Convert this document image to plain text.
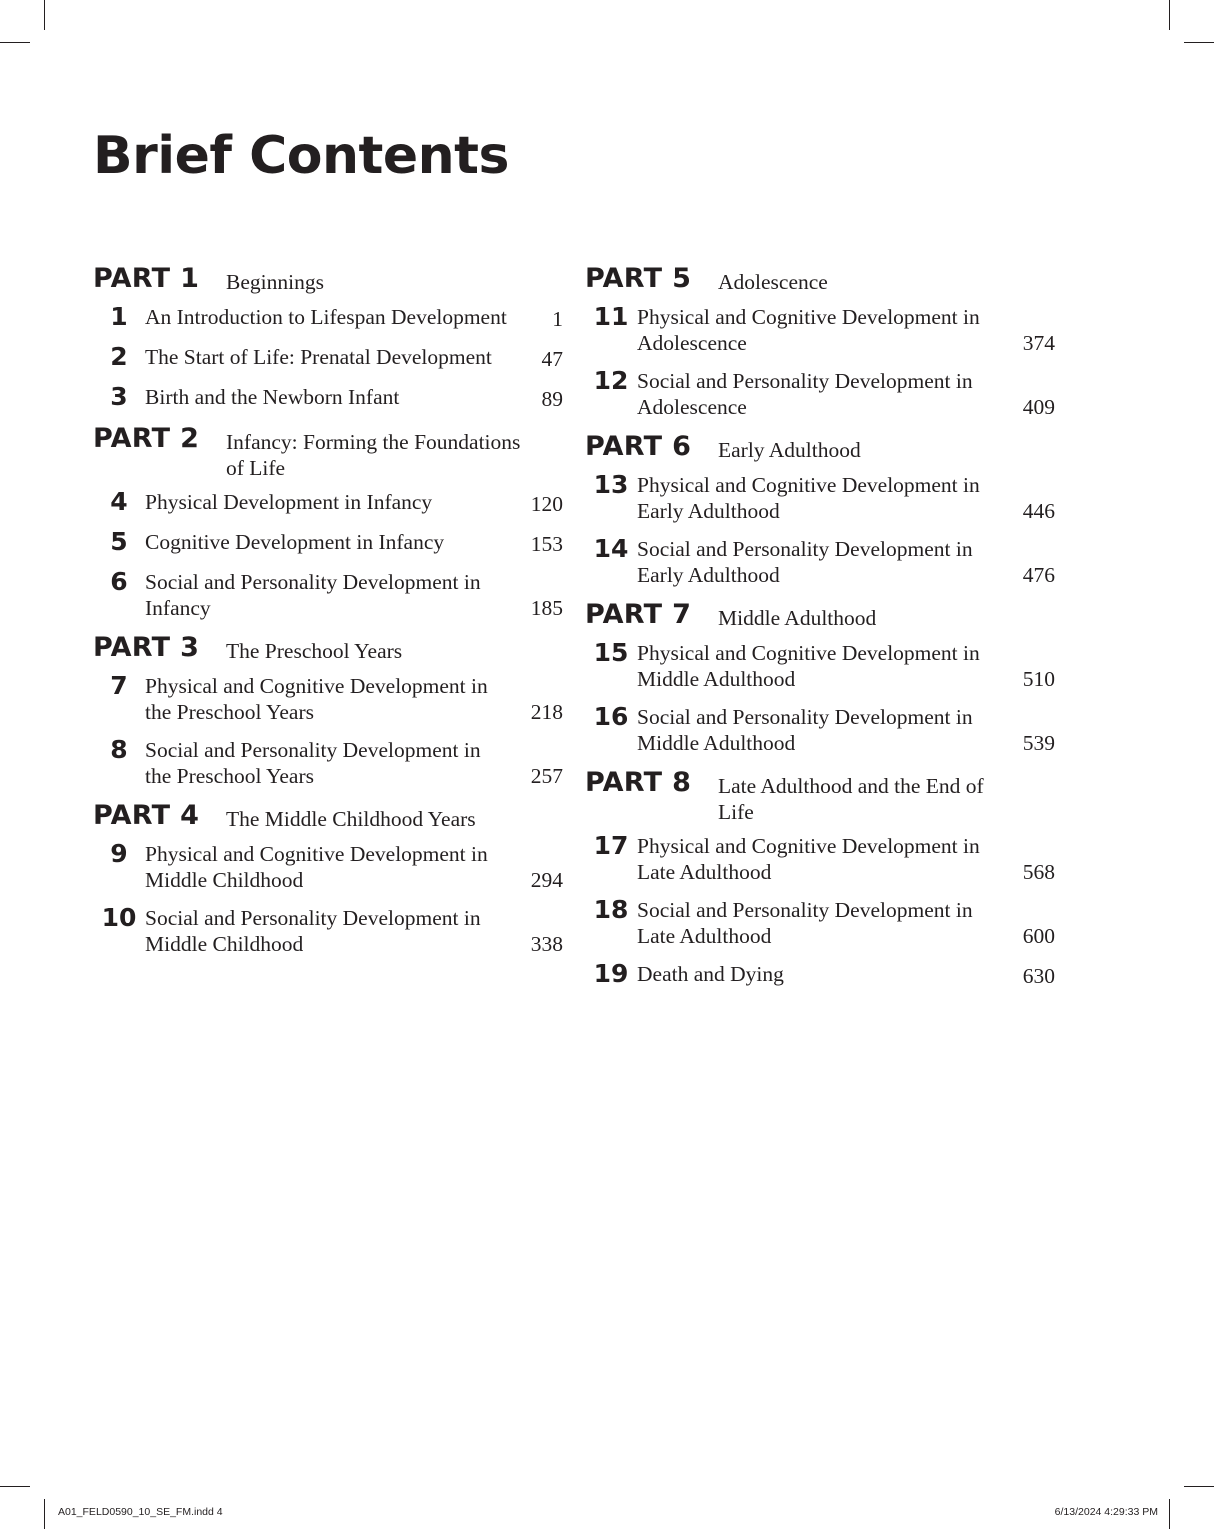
Brief Contents
PART 1	Beginnings
1 An Introduction to Lifespan Development	1
2 The Start of Life: Prenatal Development	47
3 Birth and the Newborn Infant	89
PART 2	Infancy: Forming the Foundations of Life
4 Physical Development in Infancy	120
5 Cognitive Development in Infancy	153
6 Social and Personality Development in Infancy	185
PART 3	The Preschool Years
7 Physical and Cognitive Development in the Preschool Years	218
8 Social and Personality Development in the Preschool Years	257
PART 4	The Middle Childhood Years
9 Physical and Cognitive Development in Middle Childhood	294
10 Social and Personality Development in Middle Childhood	338
PART 5	Adolescence
11 Physical and Cognitive Development in Adolescence	374
12 Social and Personality Development in Adolescence	409
PART 6	Early Adulthood
13 Physical and Cognitive Development in Early Adulthood	446
14 Social and Personality Development in Early Adulthood	476
PART 7	Middle Adulthood
15 Physical and Cognitive Development in Middle Adulthood	510
16 Social and Personality Development in Middle Adulthood	539
PART 8	Late Adulthood and the End of Life
17 Physical and Cognitive Development in Late Adulthood	568
18 Social and Personality Development in Late Adulthood	600
19 Death and Dying	630
A01_FELD0590_10_SE_FM.indd 4	6/13/2024 4:29:33 PM
